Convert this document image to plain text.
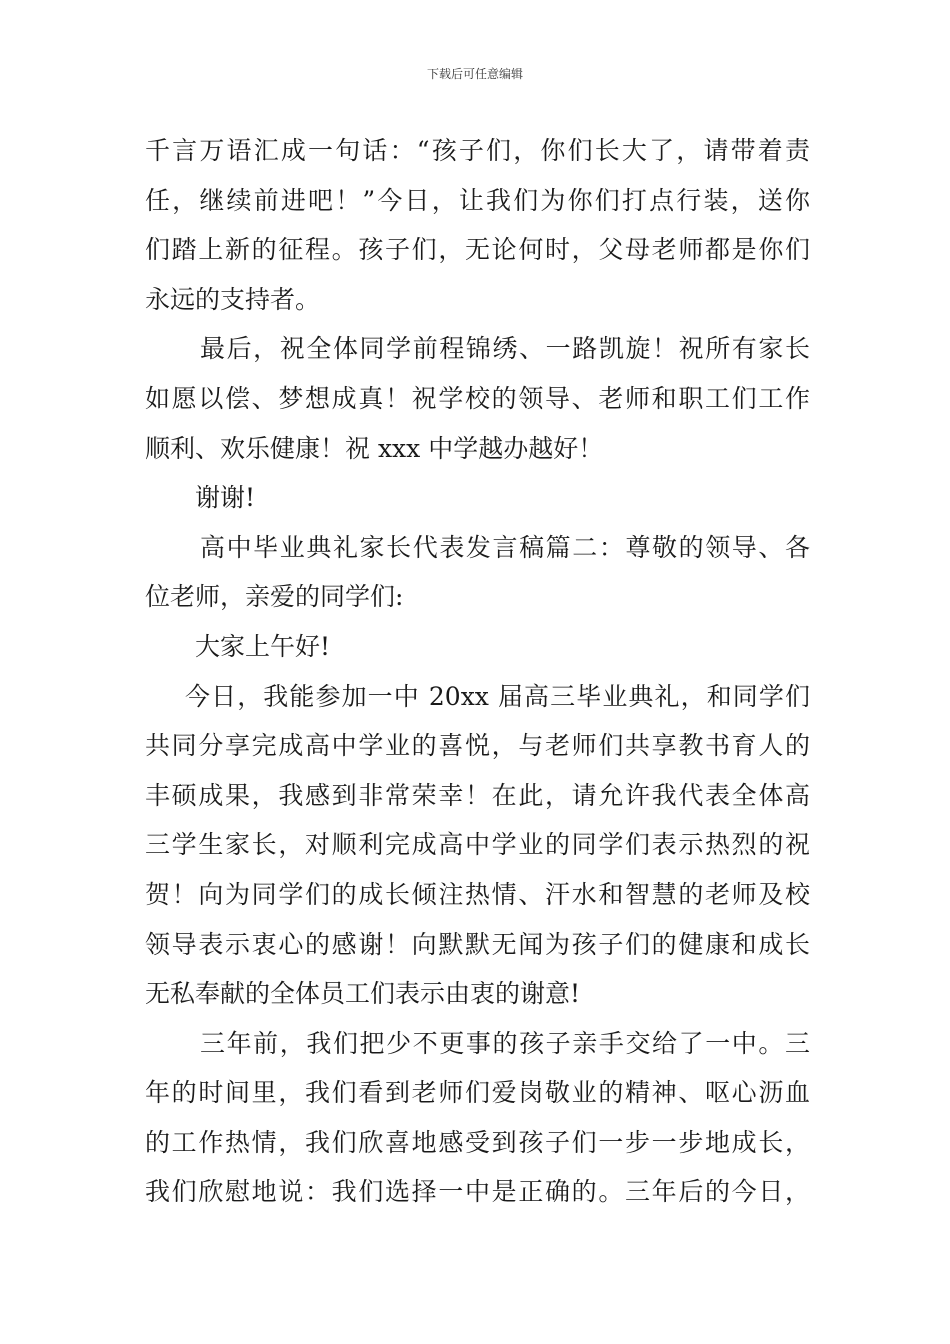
下载后可任意编辑
千言万语汇成一句话：“孩子们，你们长大了，请带着责
任，继续前进吧！”今日，让我们为你们打点行装，送你
们踏上新的征程。孩子们，无论何时，父母老师都是你们
永远的支持者。
最后，祝全体同学前程锦绣、一路凯旋！祝所有家长
如愿以偿、梦想成真！祝学校的领导、老师和职工们工作
顺利、欢乐健康！祝 xxx 中学越办越好！
谢谢!
高中毕业典礼家长代表发言稿篇二：尊敬的领导、各
位老师，亲爱的同学们:
大家上午好!
今日，我能参加一中 20xx 届高三毕业典礼，和同学们
共同分享完成高中学业的喜悦，与老师们共享教书育人的
丰硕成果，我感到非常荣幸！在此，请允许我代表全体高
三学生家长，对顺利完成高中学业的同学们表示热烈的祝
贺！向为同学们的成长倾注热情、汗水和智慧的老师及校
领导表示衷心的感谢！向默默无闻为孩子们的健康和成长
无私奉献的全体员工们表示由衷的谢意!
三年前，我们把少不更事的孩子亲手交给了一中。三
年的时间里，我们看到老师们爱岗敬业的精神、呕心沥血
的工作热情，我们欣喜地感受到孩子们一步一步地成长，
我们欣慰地说：我们选择一中是正确的。三年后的今日，
